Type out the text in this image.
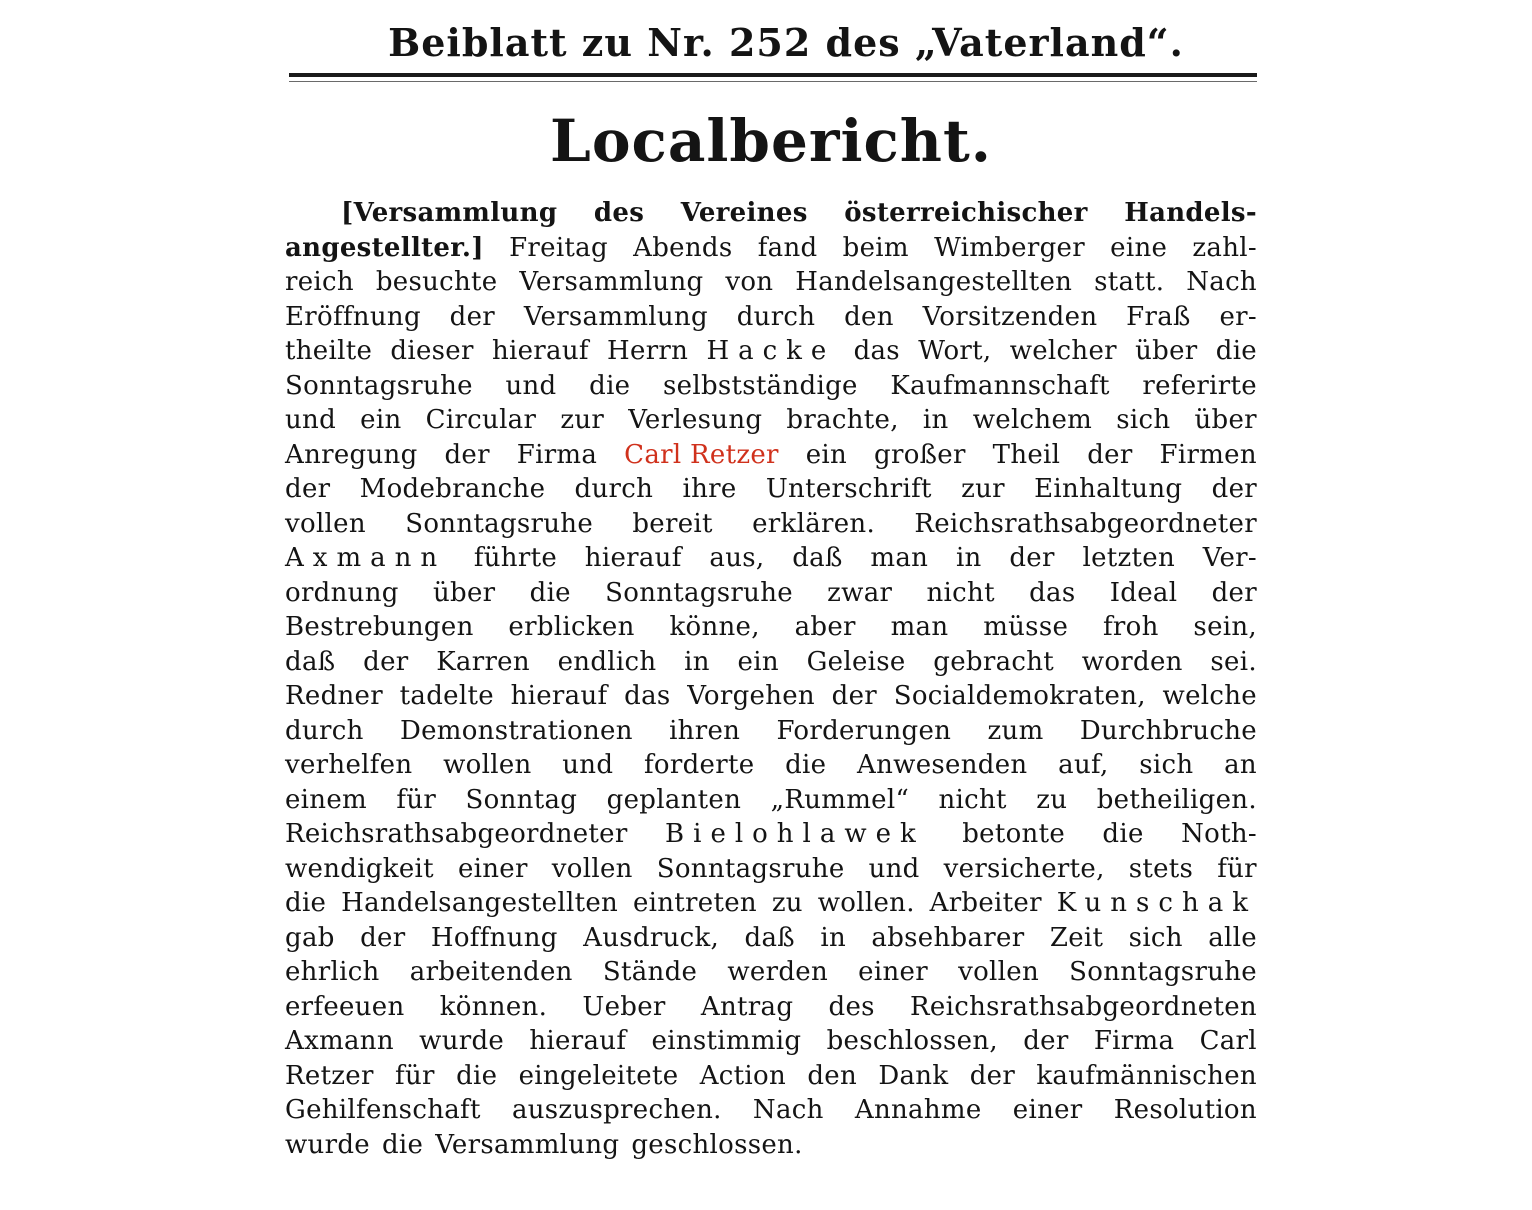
Beiblatt zu Nr. 252 des „Vaterland“.
Localbericht.
[Versammlung des Vereines österreichischer Handels-
angestellter.] Freitag Abends fand beim Wimberger eine zahl-
reich besuchte Versammlung von Handelsangestellten statt. Nach
Eröffnung der Versammlung durch den Vorsitzenden Fraß er-
theilte dieser hierauf Herrn Hacke das Wort, welcher über die
Sonntagsruhe und die selbstständige Kaufmannschaft referirte
und ein Circular zur Verlesung brachte, in welchem sich über
Anregung der Firma Carl Retzer ein großer Theil der Firmen
der Modebranche durch ihre Unterschrift zur Einhaltung der
vollen Sonntagsruhe bereit erklären. Reichsrathsabgeordneter
Axmann führte hierauf aus, daß man in der letzten Ver-
ordnung über die Sonntagsruhe zwar nicht das Ideal der
Bestrebungen erblicken könne, aber man müsse froh sein,
daß der Karren endlich in ein Geleise gebracht worden sei.
Redner tadelte hierauf das Vorgehen der Socialdemokraten, welche
durch Demonstrationen ihren Forderungen zum Durchbruche
verhelfen wollen und forderte die Anwesenden auf, sich an
einem für Sonntag geplanten „Rummel“ nicht zu betheiligen.
Reichsrathsabgeordneter Bielohlawek betonte die Noth-
wendigkeit einer vollen Sonntagsruhe und versicherte, stets für
die Handelsangestellten eintreten zu wollen. Arbeiter Kunschak
gab der Hoffnung Ausdruck, daß in absehbarer Zeit sich alle
ehrlich arbeitenden Stände werden einer vollen Sonntagsruhe
erfeeuen können. Ueber Antrag des Reichsrathsabgeordneten
Axmann wurde hierauf einstimmig beschlossen, der Firma Carl
Retzer für die eingeleitete Action den Dank der kaufmännischen
Gehilfenschaft auszusprechen. Nach Annahme einer Resolution
wurde die Versammlung geschlossen.
